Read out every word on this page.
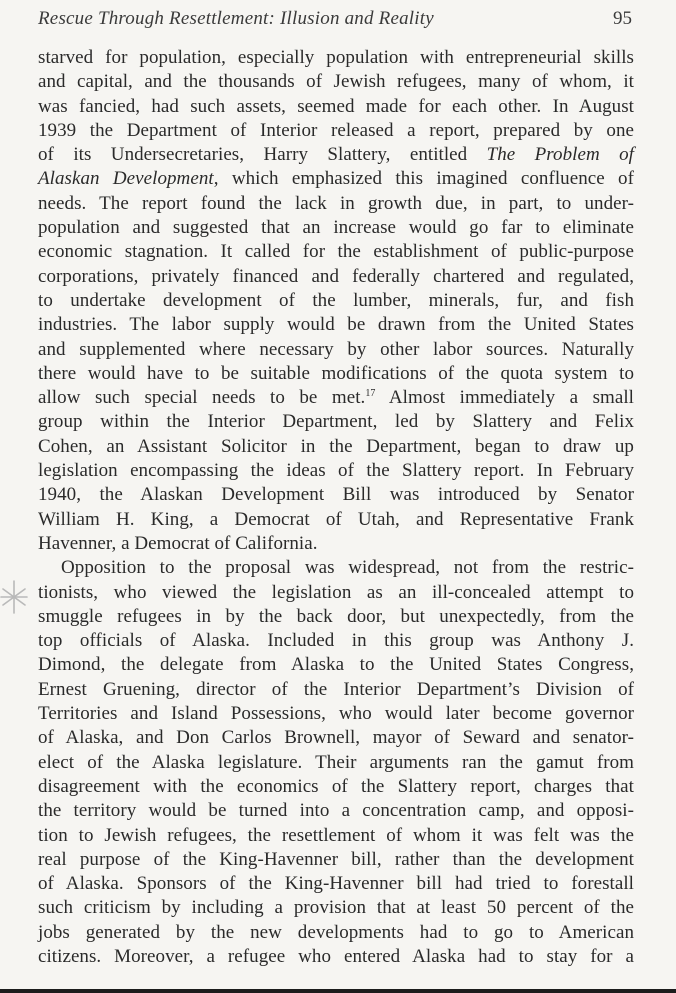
Rescue Through Resettlement: Illusion and Reality	95
starved for population, especially population with entrepreneurial skills
and capital, and the thousands of Jewish refugees, many of whom, it
was fancied, had such assets, seemed made for each other. In August
1939 the Department of Interior released a report, prepared by one
of its Undersecretaries, Harry Slattery, entitled The Problem of
Alaskan Development, which emphasized this imagined confluence of
needs. The report found the lack in growth due, in part, to under-
population and suggested that an increase would go far to eliminate
economic stagnation. It called for the establishment of public-purpose
corporations, privately financed and federally chartered and regulated,
to undertake development of the lumber, minerals, fur, and fish
industries. The labor supply would be drawn from the United States
and supplemented where necessary by other labor sources. Naturally
there would have to be suitable modifications of the quota system to
allow such special needs to be met.$^{17}$ Almost immediately a small
group within the Interior Department, led by Slattery and Felix
Cohen, an Assistant Solicitor in the Department, began to draw up
legislation encompassing the ideas of the Slattery report. In February
1940, the Alaskan Development Bill was introduced by Senator
William H. King, a Democrat of Utah, and Representative Frank
Havenner, a Democrat of California.
Opposition to the proposal was widespread, not from the restric-
tionists, who viewed the legislation as an ill-concealed attempt to
smuggle refugees in by the back door, but unexpectedly, from the
top officials of Alaska. Included in this group was Anthony J.
Dimond, the delegate from Alaska to the United States Congress,
Ernest Gruening, director of the Interior Department’s Division of
Territories and Island Possessions, who would later become governor
of Alaska, and Don Carlos Brownell, mayor of Seward and senator-
elect of the Alaska legislature. Their arguments ran the gamut from
disagreement with the economics of the Slattery report, charges that
the territory would be turned into a concentration camp, and opposi-
tion to Jewish refugees, the resettlement of whom it was felt was the
real purpose of the King-Havenner bill, rather than the development
of Alaska. Sponsors of the King-Havenner bill had tried to forestall
such criticism by including a provision that at least 50 percent of the
jobs generated by the new developments had to go to American
citizens. Moreover, a refugee who entered Alaska had to stay for a
